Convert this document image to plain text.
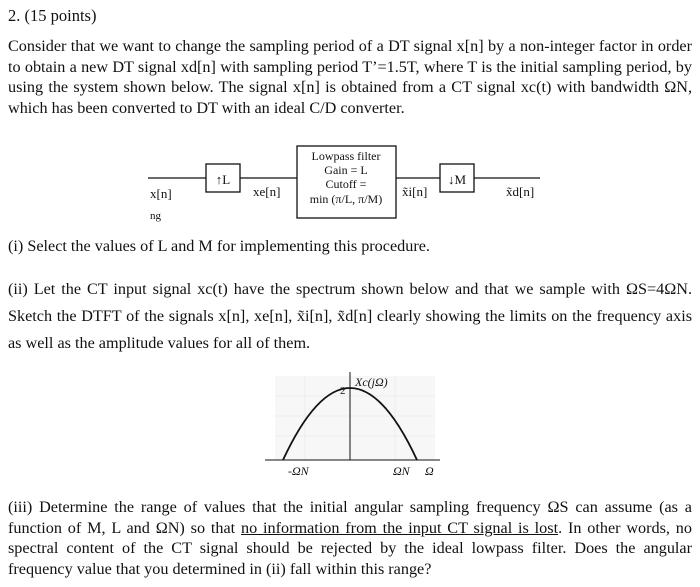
2. (15 points)
Consider that we want to change the sampling period of a DT signal x[n] by a non-integer factor in order to obtain a new DT signal xd[n] with sampling period T’=1.5T, where T is the initial sampling period, by using the system shown below. The signal x[n] is obtained from a CT signal xc(t) with bandwidth ΩN, which has been converted to DT with an ideal C/D converter.
x[n]
ng
↑L
xe[n]
Lowpass filter
Gain = L
Cutoff =
min (π/L, π/M) x̃i[n]
↓M
x̃d[n]
(i) Select the values of L and M for implementing this procedure.
(ii) Let the CT input signal xc(t) have the spectrum shown below and that we sample with ΩS=4ΩN. Sketch the DTFT of the signals x[n], xe[n], x̃i[n], x̃d[n] clearly showing the limits on the frequency axis as well as the amplitude values for all of them.
Xc(jΩ)
2
-ΩN	ΩN Ω
(iii) Determine the range of values that the initial angular sampling frequency ΩS can assume (as a function of M, L and ΩN) so that no information from the input CT signal is lost. In other words, no spectral content of the CT signal should be rejected by the ideal lowpass filter. Does the angular frequency value that you determined in (ii) fall within this range?
